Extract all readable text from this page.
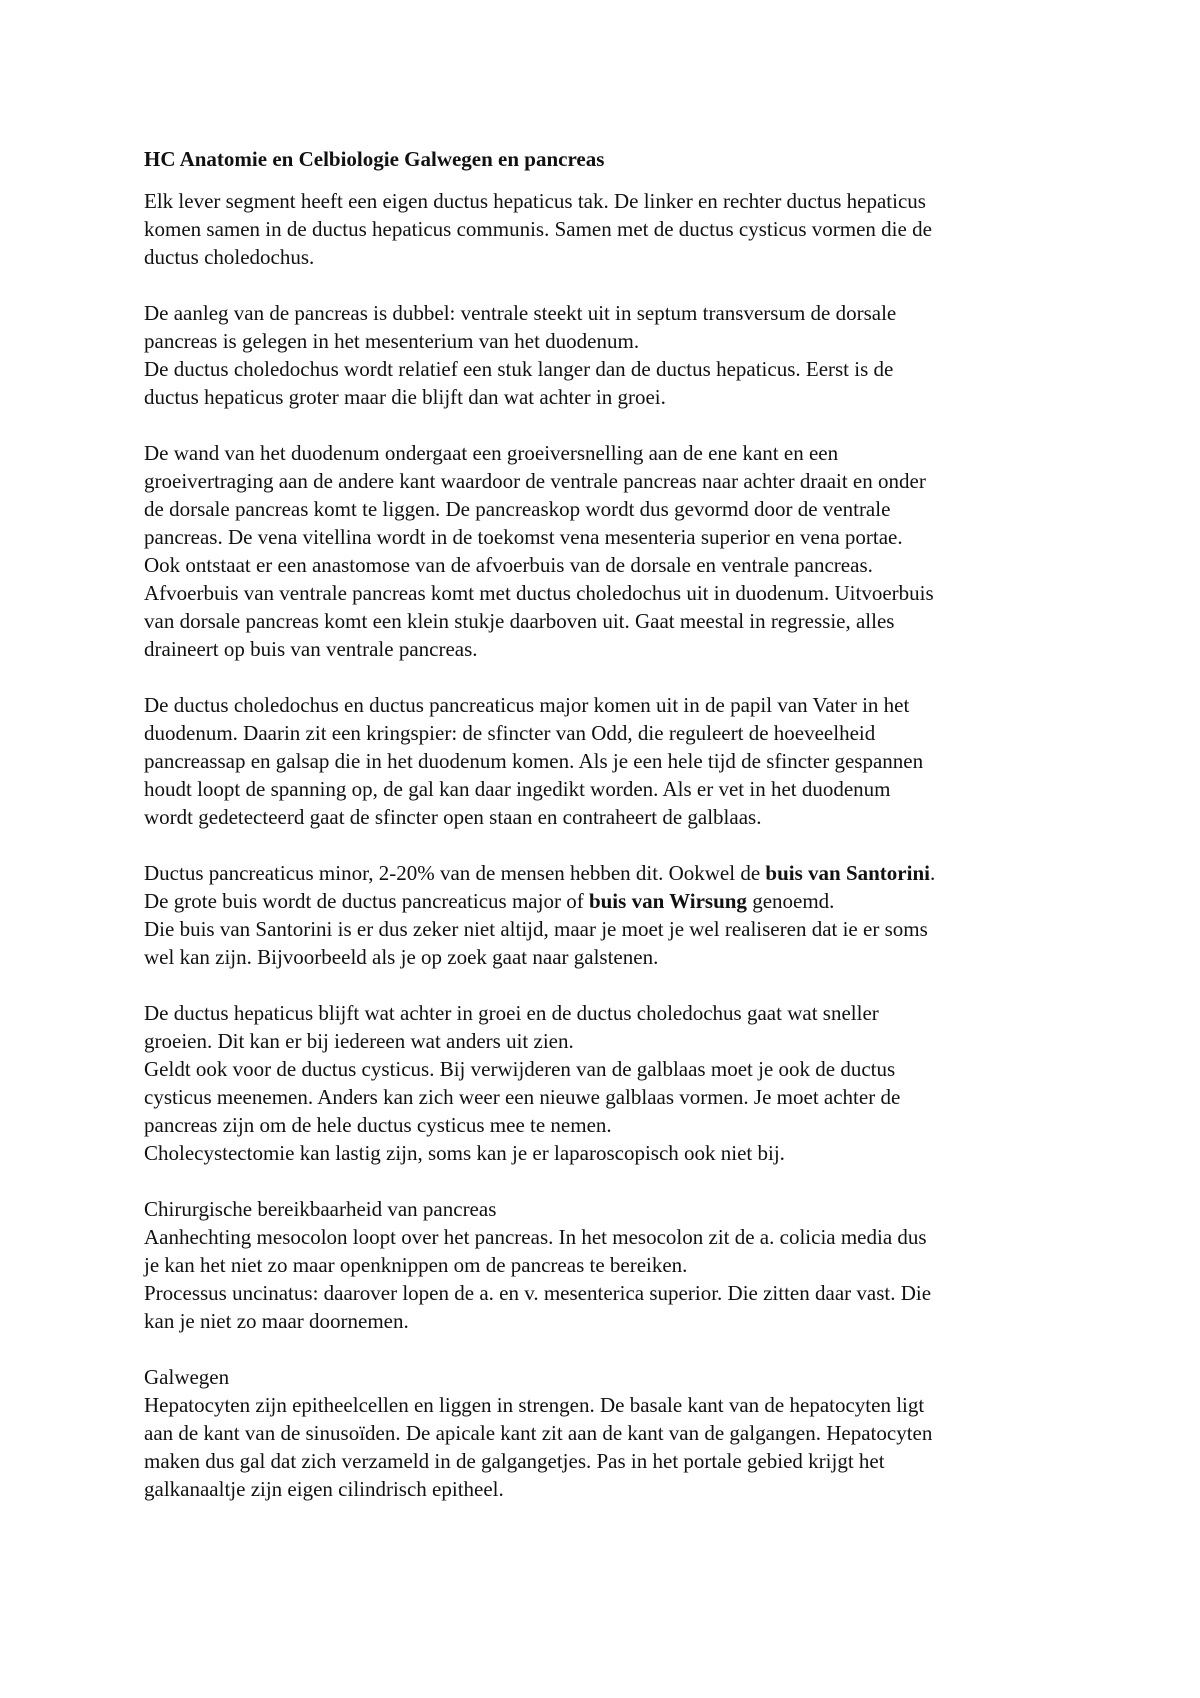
HC Anatomie en Celbiologie Galwegen en pancreas
Elk lever segment heeft een eigen ductus hepaticus tak. De linker en rechter ductus hepaticus
komen samen in de ductus hepaticus communis. Samen met de ductus cysticus vormen die de
ductus choledochus.
De aanleg van de pancreas is dubbel: ventrale steekt uit in septum transversum de dorsale
pancreas is gelegen in het mesenterium van het duodenum.
De ductus choledochus wordt relatief een stuk langer dan de ductus hepaticus. Eerst is de
ductus hepaticus groter maar die blijft dan wat achter in groei.
De wand van het duodenum ondergaat een groeiversnelling aan de ene kant en een
groeivertraging aan de andere kant waardoor de ventrale pancreas naar achter draait en onder
de dorsale pancreas komt te liggen. De pancreaskop wordt dus gevormd door de ventrale
pancreas. De vena vitellina wordt in de toekomst vena mesenteria superior en vena portae.
Ook ontstaat er een anastomose van de afvoerbuis van de dorsale en ventrale pancreas.
Afvoerbuis van ventrale pancreas komt met ductus choledochus uit in duodenum. Uitvoerbuis
van dorsale pancreas komt een klein stukje daarboven uit. Gaat meestal in regressie, alles
draineert op buis van ventrale pancreas.
De ductus choledochus en ductus pancreaticus major komen uit in de papil van Vater in het
duodenum. Daarin zit een kringspier: de sfincter van Odd, die reguleert de hoeveelheid
pancreassap en galsap die in het duodenum komen. Als je een hele tijd de sfincter gespannen
houdt loopt de spanning op, de gal kan daar ingedikt worden. Als er vet in het duodenum
wordt gedetecteerd gaat de sfincter open staan en contraheert de galblaas.
Ductus pancreaticus minor, 2-20% van de mensen hebben dit. Ookwel de buis van Santorini.
De grote buis wordt de ductus pancreaticus major of buis van Wirsung genoemd.
Die buis van Santorini is er dus zeker niet altijd, maar je moet je wel realiseren dat ie er soms
wel kan zijn. Bijvoorbeeld als je op zoek gaat naar galstenen.
De ductus hepaticus blijft wat achter in groei en de ductus choledochus gaat wat sneller
groeien. Dit kan er bij iedereen wat anders uit zien.
Geldt ook voor de ductus cysticus. Bij verwijderen van de galblaas moet je ook de ductus
cysticus meenemen. Anders kan zich weer een nieuwe galblaas vormen. Je moet achter de
pancreas zijn om de hele ductus cysticus mee te nemen.
Cholecystectomie kan lastig zijn, soms kan je er laparoscopisch ook niet bij.
Chirurgische bereikbaarheid van pancreas
Aanhechting mesocolon loopt over het pancreas. In het mesocolon zit de a. colicia media dus
je kan het niet zo maar openknippen om de pancreas te bereiken.
Processus uncinatus: daarover lopen de a. en v. mesenterica superior. Die zitten daar vast. Die
kan je niet zo maar doornemen.
Galwegen
Hepatocyten zijn epitheelcellen en liggen in strengen. De basale kant van de hepatocyten ligt
aan de kant van de sinusoïden. De apicale kant zit aan de kant van de galgangen. Hepatocyten
maken dus gal dat zich verzameld in de galgangetjes. Pas in het portale gebied krijgt het
galkanaaltje zijn eigen cilindrisch epitheel.
